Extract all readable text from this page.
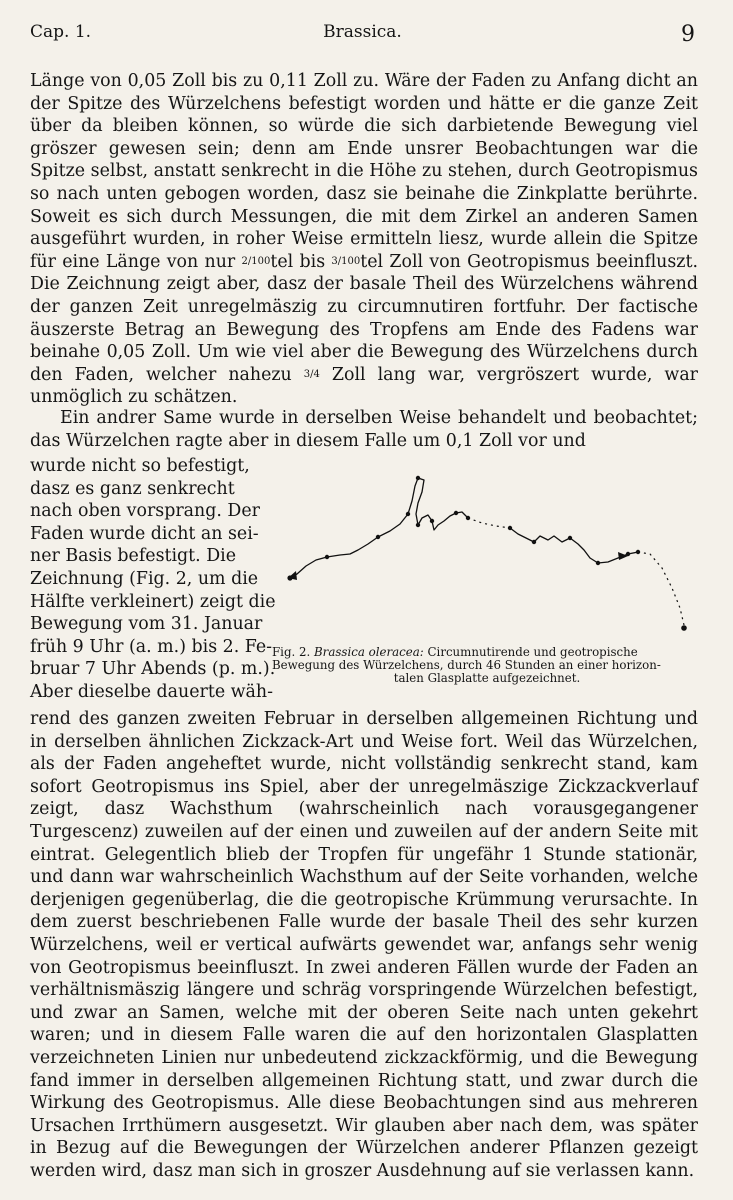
Cap. 1.	Brassica.	9

Länge von 0,05 Zoll bis zu 0,11 Zoll zu. Wäre der Faden zu Anfang dicht an der Spitze des Würzelchens befestigt worden und hätte er die ganze Zeit über da bleiben können, so würde die sich darbietende Bewegung viel gröszer gewesen sein; denn am Ende unsrer Beobachtungen war die Spitze selbst, anstatt senkrecht in die Höhe zu stehen, durch Geotropismus so nach unten gebogen worden, dasz sie beinahe die Zinkplatte berührte. Soweit es sich durch Messungen, die mit dem Zirkel an anderen Samen ausgeführt wurden, in roher Weise ermitteln liesz, wurde allein die Spitze für eine Länge von nur 2/100tel bis 3/100tel Zoll von Geotropismus beeinfluszt. Die Zeichnung zeigt aber, dasz der basale Theil des Würzelchens während der ganzen Zeit unregelmäszig zu circumnutiren fortfuhr. Der factische äuszerste Betrag an Bewegung des Tropfens am Ende des Fadens war beinahe 0,05 Zoll. Um wie viel aber die Bewegung des Würzelchens durch den Faden, welcher nahezu 3/4 Zoll lang war, vergröszert wurde, war unmöglich zu schätzen.

Ein andrer Same wurde in derselben Weise behandelt und beobachtet; das Würzelchen ragte aber in diesem Falle um 0,1 Zoll vor und

wurde nicht so befestigt,
dasz es ganz senkrecht
nach oben vorsprang. Der
Faden wurde dicht an sei-
ner Basis befestigt. Die
Zeichnung (Fig. 2, um die
Hälfte verkleinert) zeigt die
Bewegung vom 31. Januar
früh 9 Uhr (a. m.) bis 2. Fe-
bruar 7 Uhr Abends (p. m.).
Aber dieselbe dauerte wäh-
Fig. 2. Brassica oleracea: Circumnutirende und geotropische
Bewegung des Würzelchens, durch 46 Stunden an einer horizon-
talen Glasplatte aufgezeichnet.

rend des ganzen zweiten Februar in derselben allgemeinen Richtung und in derselben ähnlichen Zickzack-Art und Weise fort. Weil das Würzelchen, als der Faden angeheftet wurde, nicht vollständig senkrecht stand, kam sofort Geotropismus ins Spiel, aber der unregelmäszige Zickzackverlauf zeigt, dasz Wachsthum (wahrscheinlich nach vorausgegangener Turgescenz) zuweilen auf der einen und zuweilen auf der andern Seite mit eintrat. Gelegentlich blieb der Tropfen für ungefähr 1 Stunde stationär, und dann war wahrscheinlich Wachsthum auf der Seite vorhanden, welche derjenigen gegenüberlag, die die geotropische Krümmung verursachte. In dem zuerst beschriebenen Falle wurde der basale Theil des sehr kurzen Würzelchens, weil er vertical aufwärts gewendet war, anfangs sehr wenig von Geotropismus beeinfluszt. In zwei anderen Fällen wurde der Faden an verhältnismäszig längere und schräg vorspringende Würzelchen befestigt, und zwar an Samen, welche mit der oberen Seite nach unten gekehrt waren; und in diesem Falle waren die auf den horizontalen Glasplatten verzeichneten Linien nur unbedeutend zickzackförmig, und die Bewegung fand immer in derselben allgemeinen Richtung statt, und zwar durch die Wirkung des Geotropismus. Alle diese Beobachtungen sind aus mehreren Ursachen Irrthümern ausgesetzt. Wir glauben aber nach dem, was später in Bezug auf die Bewegungen der Würzelchen anderer Pflanzen gezeigt werden wird, dasz man sich in groszer Ausdehnung auf sie verlassen kann.
